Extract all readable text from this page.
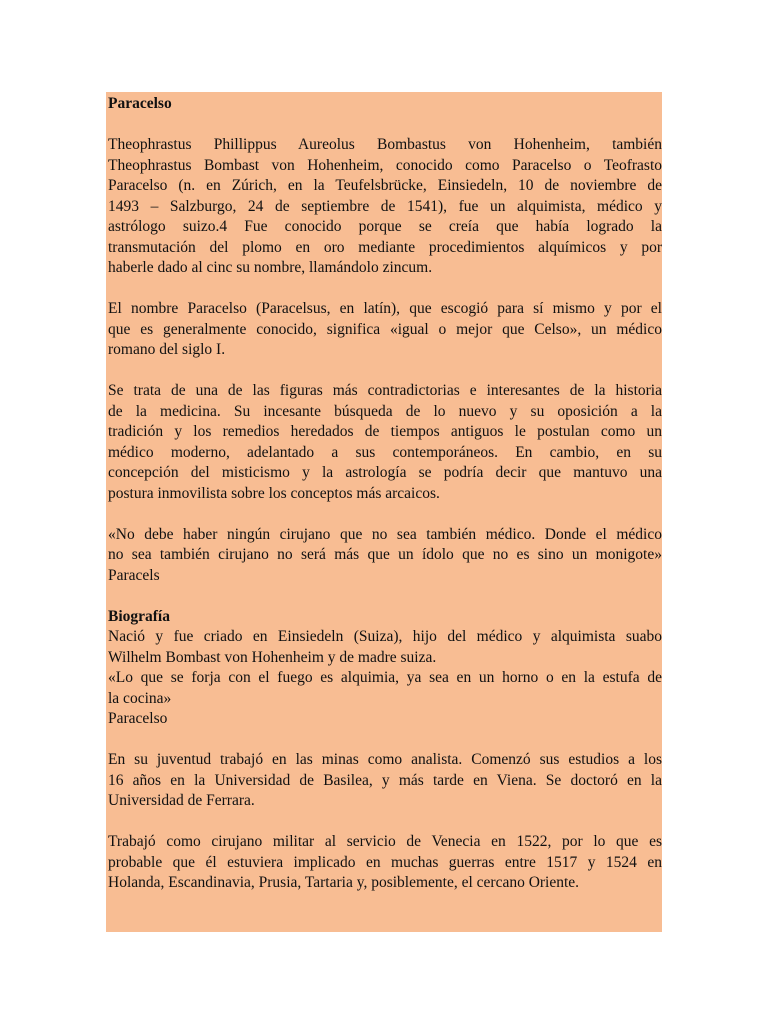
Paracelso

Theophrastus Phillippus Aureolus Bombastus von Hohenheim, también
Theophrastus Bombast von Hohenheim, conocido como Paracelso o Teofrasto
Paracelso (n. en Zúrich, en la Teufelsbrücke, Einsiedeln, 10 de noviembre de
1493 – Salzburgo, 24 de septiembre de 1541), fue un alquimista, médico y
astrólogo suizo.4 Fue conocido porque se creía que había logrado la
transmutación del plomo en oro mediante procedimientos alquímicos y por
haberle dado al cinc su nombre, llamándolo zincum.

El nombre Paracelso (Paracelsus, en latín), que escogió para sí mismo y por el
que es generalmente conocido, significa «igual o mejor que Celso», un médico
romano del siglo I.

Se trata de una de las figuras más contradictorias e interesantes de la historia
de la medicina. Su incesante búsqueda de lo nuevo y su oposición a la
tradición y los remedios heredados de tiempos antiguos le postulan como un
médico moderno, adelantado a sus contemporáneos. En cambio, en su
concepción del misticismo y la astrología se podría decir que mantuvo una
postura inmovilista sobre los conceptos más arcaicos.

«No debe haber ningún cirujano que no sea también médico. Donde el médico
no sea también cirujano no será más que un ídolo que no es sino un monigote»
Paracels

Biografía
Nació y fue criado en Einsiedeln (Suiza), hijo del médico y alquimista suabo
Wilhelm Bombast von Hohenheim y de madre suiza.
«Lo que se forja con el fuego es alquimia, ya sea en un horno o en la estufa de
la cocina»
Paracelso

En su juventud trabajó en las minas como analista. Comenzó sus estudios a los
16 años en la Universidad de Basilea, y más tarde en Viena. Se doctoró en la
Universidad de Ferrara.

Trabajó como cirujano militar al servicio de Venecia en 1522, por lo que es
probable que él estuviera implicado en muchas guerras entre 1517 y 1524 en
Holanda, Escandinavia, Prusia, Tartaria y, posiblemente, el cercano Oriente.
